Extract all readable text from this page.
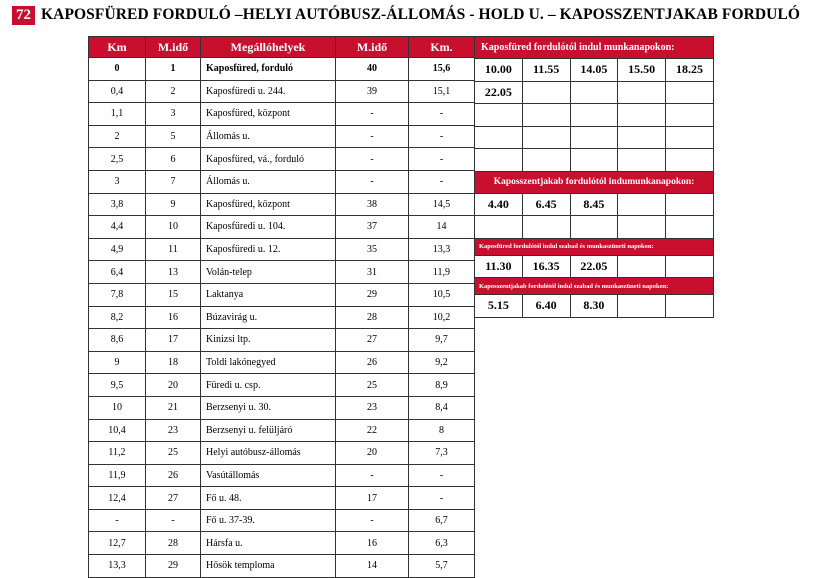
72 KAPOSFÜRED FORDULÓ –HELYI AUTÓBUSZ-ÁLLOMÁS - HOLD U. – KAPOSSZENTJAKAB FORDULÓ
Km	M.idő	Megállóhelyek	M.idő	Km.
0	1	Kaposfüred, forduló	40	15,6
0,4	2	Kaposfüredi u. 244.	39	15,1
1,1	3	Kaposfüred, központ	-	-
2	5	Állomás u.	-	-
2,5	6	Kaposfüred, vá., forduló	-	-
3	7	Állomás u.	-	-
3,8	9	Kaposfüred, központ	38	14,5
4,4	10	Kaposfüredi u. 104.	37	14
4,9	11	Kaposfüredi u. 12.	35	13,3
6,4	13	Volán-telep	31	11,9
7,8	15	Laktanya	29	10,5
8,2	16	Búzavirág u.	28	10,2
8,6	17	Kinizsi ltp.	27	9,7
9	18	Toldi lakónegyed	26	9,2
9,5	20	Füredi u. csp.	25	8,9
10	21	Berzsenyi u. 30.	23	8,4
10,4	23	Berzsenyi u. felüljáró	22	8
11,2	25	Helyi autóbusz-állomás	20	7,3
11,9	26	Vasútállomás	-	-
12,4	27	Fő u. 48.	17	-
-	-	Fő u. 37-39.	-	6,7
12,7	28	Hársfa u.	16	6,3
13,3	29	Hősök temploma	14	5,7
Kaposfüred fordulótól indul munkanapokon:				
10.00	11.55	14.05	15.50	18.25
22.05				

Kaposszentjakab fordulótól indumunkanapokon:				
4.40	6.45	8.45		

Kaposfüred fordulótól indul szabad és munkaszüneti napokon:				
11.30	16.35	22.05		
Kaposszentjakab fordulótól indul szabad és munkaszüneti napokon:				
5.15	6.40	8.30		
